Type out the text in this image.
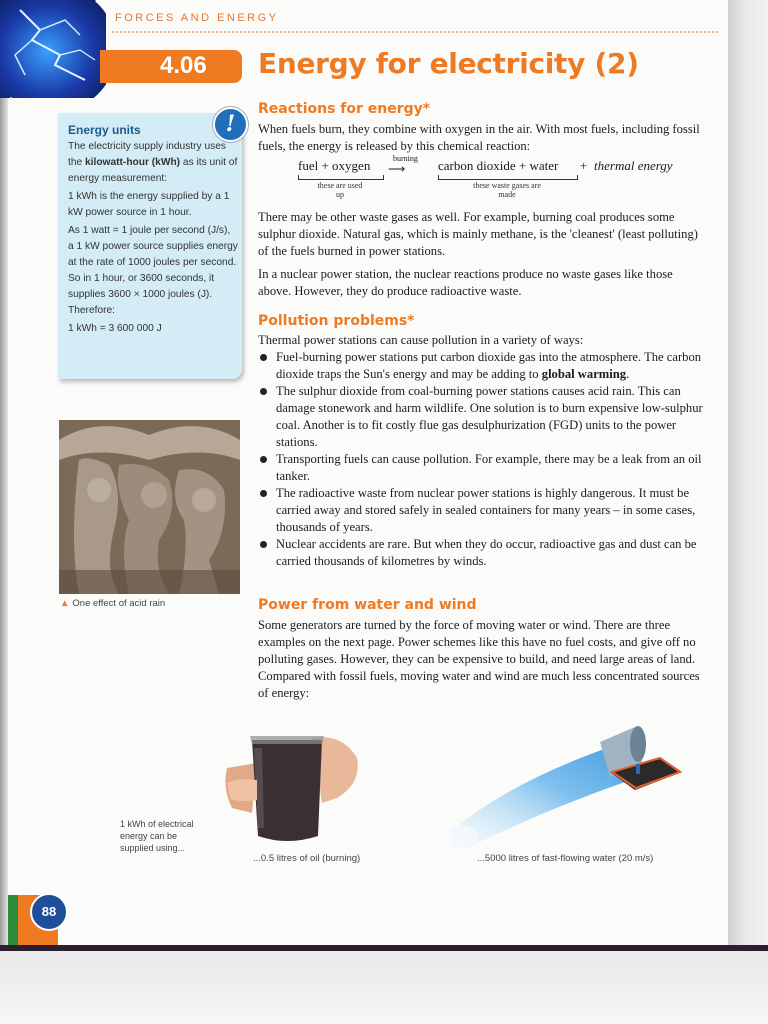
FORCES AND ENERGY
4.06 Energy for electricity (2)
Energy units

The electricity supply industry uses the kilowatt-hour (kWh) as its unit of energy measurement:

1 kWh is the energy supplied by a 1 kW power source in 1 hour.

As 1 watt = 1 joule per second (J/s), a 1 kW power source supplies energy at the rate of 1000 joules per second. So in 1 hour, or 3600 seconds, it supplies 3600 × 1000 joules (J). Therefore:

1 kWh = 3 600 000 J

!
▲ One effect of acid rain
Reactions for energy*
When fuels burn, they combine with oxygen in the air. With most fuels, including fossil fuels, the energy is released by this chemical reaction:
fuel + oxygen	burning
⟶	carbon dioxide + water + thermal energy
these are used up
these waste gases are made

There may be other waste gases as well. For example, burning coal produces some sulphur dioxide. Natural gas, which is mainly methane, is the 'cleanest' (least polluting) of the fuels burned in power stations.

In a nuclear power station, the nuclear reactions produce no waste gases like those above. However, they do produce radioactive waste.

Pollution problems*

Thermal power stations can cause pollution in a variety of ways:

Fuel-burning power stations put carbon dioxide gas into the atmosphere. The carbon dioxide traps the Sun's energy and may be adding to global warming.
The sulphur dioxide from coal-burning power stations causes acid rain. This can damage stonework and harm wildlife. One solution is to burn expensive low-sulphur coal. Another is to fit costly flue gas desulphurization (FGD) units to the power stations.
Transporting fuels can cause pollution. For example, there may be a leak from an oil tanker.
The radioactive waste from nuclear power stations is highly dangerous. It must be carried away and stored safely in sealed containers for many years – in some cases, thousands of years.
Nuclear accidents are rare. But when they do occur, radioactive gas and dust can be carried thousands of kilometres by winds.
Power from water and wind
Some generators are turned by the force of moving water or wind. There are three examples on the next page. Power schemes like this have no fuel costs, and give off no polluting gases. However, they can be expensive to build, and need large areas of land. Compared with fossil fuels, moving water and wind are much less concentrated sources of energy:
1 kWh of electrical energy can be supplied using...
...0.5 litres of oil (burning)	...5000 litres of fast-flowing water (20 m/s)
88
